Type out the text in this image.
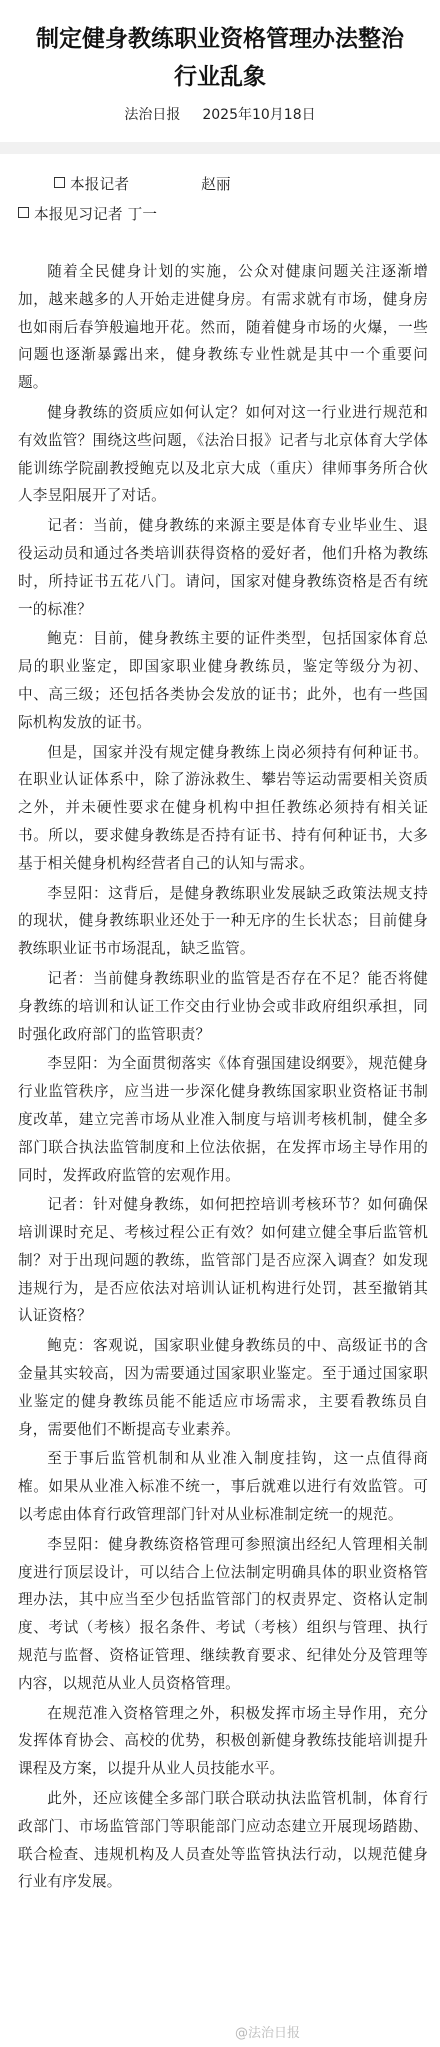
制定健身教练职业资格管理办法整治行业乱象
法治日报 2025年10月18日

本报记者	赵丽

本报见习记者 丁一

随着全民健身计划的实施，公众对健康问题关注逐渐增加，越来越多的人开始走进健身房。有需求就有市场，健身房也如雨后春笋般遍地开花。然而，随着健身市场的火爆，一些问题也逐渐暴露出来，健身教练专业性就是其中一个重要问题。

健身教练的资质应如何认定？如何对这一行业进行规范和有效监管？围绕这些问题，《法治日报》记者与北京体育大学体能训练学院副教授鲍克以及北京大成（重庆）律师事务所合伙人李昱阳展开了对话。

记者：当前，健身教练的来源主要是体育专业毕业生、退役运动员和通过各类培训获得资格的爱好者，他们升格为教练时，所持证书五花八门。请问，国家对健身教练资格是否有统一的标准？

鲍克：目前，健身教练主要的证件类型，包括国家体育总局的职业鉴定，即国家职业健身教练员，鉴定等级分为初、中、高三级；还包括各类协会发放的证书；此外，也有一些国际机构发放的证书。

但是，国家并没有规定健身教练上岗必须持有何种证书。在职业认证体系中，除了游泳救生、攀岩等运动需要相关资质之外，并未硬性要求在健身机构中担任教练必须持有相关证书。所以，要求健身教练是否持有证书、持有何种证书，大多基于相关健身机构经营者自己的认知与需求。

李昱阳：这背后，是健身教练职业发展缺乏政策法规支持的现状，健身教练职业还处于一种无序的生长状态；目前健身教练职业证书市场混乱，缺乏监管。

记者：当前健身教练职业的监管是否存在不足？能否将健身教练的培训和认证工作交由行业协会或非政府组织承担，同时强化政府部门的监管职责？

李昱阳：为全面贯彻落实《体育强国建设纲要》，规范健身行业监管秩序，应当进一步深化健身教练国家职业资格证书制度改革，建立完善市场从业准入制度与培训考核机制，健全多部门联合执法监管制度和上位法依据，在发挥市场主导作用的同时，发挥政府监管的宏观作用。

记者：针对健身教练，如何把控培训考核环节？如何确保培训课时充足、考核过程公正有效？如何建立健全事后监管机制？对于出现问题的教练，监管部门是否应深入调查？如发现违规行为，是否应依法对培训认证机构进行处罚，甚至撤销其认证资格？

鲍克：客观说，国家职业健身教练员的中、高级证书的含金量其实较高，因为需要通过国家职业鉴定。至于通过国家职业鉴定的健身教练员能不能适应市场需求，主要看教练员自身，需要他们不断提高专业素养。

至于事后监管机制和从业准入制度挂钩，这一点值得商榷。如果从业准入标准不统一，事后就难以进行有效监管。可以考虑由体育行政管理部门针对从业标准制定统一的规范。

李昱阳：健身教练资格管理可参照演出经纪人管理相关制度进行顶层设计，可以结合上位法制定明确具体的职业资格管理办法，其中应当至少包括监管部门的权责界定、资格认定制度、考试（考核）报名条件、考试（考核）组织与管理、执行规范与监督、资格证管理、继续教育要求、纪律处分及管理等内容，以规范从业人员资格管理。

在规范准入资格管理之外，积极发挥市场主导作用，充分发挥体育协会、高校的优势，积极创新健身教练技能培训提升课程及方案，以提升从业人员技能水平。

此外，还应该健全多部门联合联动执法监管机制，体育行政部门、市场监管部门等职能部门应动态建立开展现场踏勘、联合检查、违规机构及人员查处等监管执法行动，以规范健身行业有序发展。

@法治日报
